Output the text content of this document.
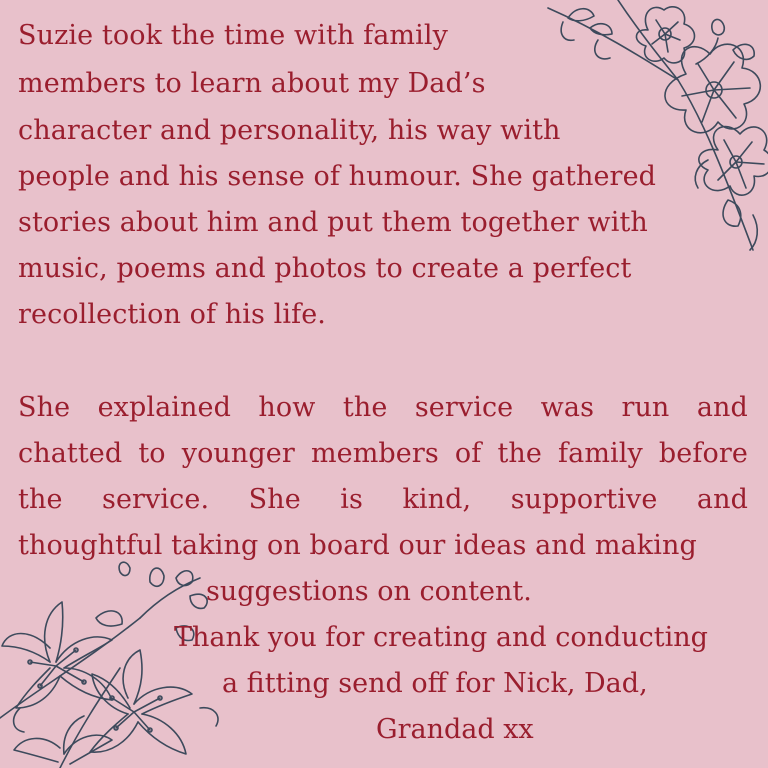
Suzie took the time with family
members to learn about my Dad’s
character and personality, his way with
people and his sense of humour. She gathered
stories about him and put them together with
music, poems and photos to create a perfect
recollection of his life.
She explained how the service was run and
chatted to younger members of the family before
the service. She is kind, supportive and
thoughtful taking on board our ideas and making
suggestions on content.
Thank you for creating and conducting
a fitting send off for Nick, Dad,
Grandad xx
